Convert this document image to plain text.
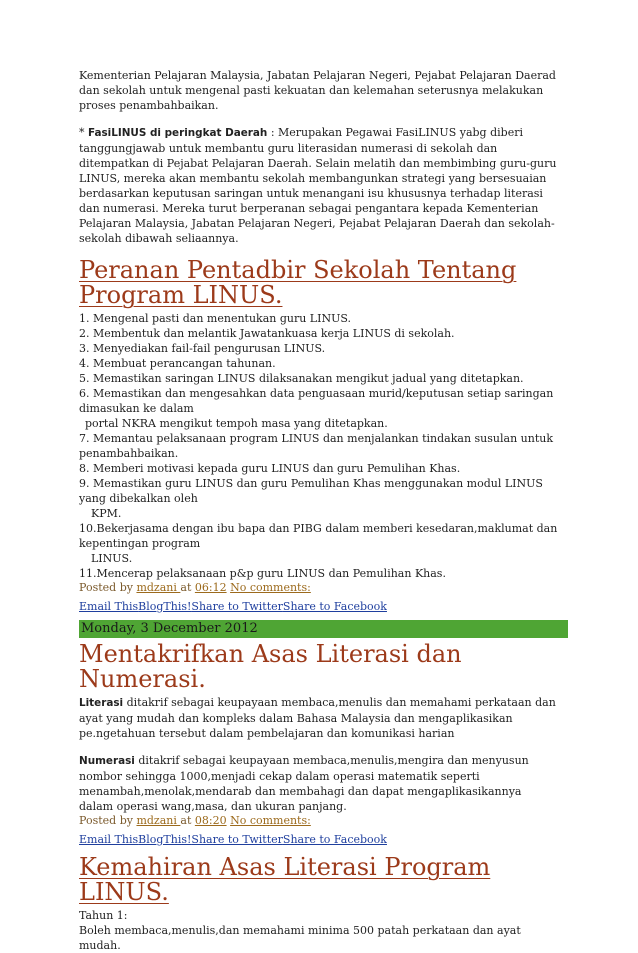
Kementerian Pelajaran Malaysia, Jabatan Pelajaran Negeri, Pejabat Pelajaran Daerad dan sekolah untuk mengenal pasti kekuatan dan kelemahan seterusnya melakukan proses penambahbaikan.

* FasiLINUS di peringkat Daerah : Merupakan Pegawai FasiLINUS yabg diberi tanggungjawab untuk membantu guru literasidan numerasi di sekolah dan ditempatkan di Pejabat Pelajaran Daerah. Selain melatih dan membimbing guru-guru LINUS, mereka akan membantu sekolah membangunkan strategi yang bersesuaian berdasarkan keputusan saringan untuk menangani isu khususnya terhadap literasi dan numerasi. Mereka turut berperanan sebagai pengantara kepada Kementerian Pelajaran Malaysia, Jabatan Pelajaran Negeri, Pejabat Pelajaran Daerah dan sekolah-sekolah dibawah seliaannya.

Peranan Pentadbir Sekolah Tentang Program LINUS.

1. Mengenal pasti dan menentukan guru LINUS.

2. Membentuk dan melantik Jawatankuasa kerja LINUS di sekolah.

3. Menyediakan fail-fail pengurusan LINUS.

4. Membuat perancangan tahunan.

5. Memastikan saringan LINUS dilaksanakan mengikut jadual yang ditetapkan.

6. Memastikan dan mengesahkan data penguasaan murid/keputusan setiap saringan dimasukan ke dalam

portal NKRA mengikut tempoh masa yang ditetapkan.

7. Memantau pelaksanaan program LINUS dan menjalankan tindakan susulan untuk penambahbaikan.

8. Memberi motivasi kepada guru LINUS dan guru Pemulihan Khas.

9. Memastikan guru LINUS dan guru Pemulihan Khas menggunakan modul LINUS yang dibekalkan oleh

KPM.

10.Bekerjasama dengan ibu bapa dan PIBG dalam memberi kesedaran,maklumat dan kepentingan program

LINUS.

11.Mencerap pelaksanaan p&p guru LINUS dan Pemulihan Khas.

Posted by mdzani at 06:12 No comments:
Email ThisBlogThis!Share to TwitterShare to Facebook
Monday, 3 December 2012
Mentakrifkan Asas Literasi dan Numerasi.

Literasi ditakrif sebagai keupayaan membaca,menulis dan memahami perkataan dan ayat yang mudah dan kompleks dalam Bahasa Malaysia dan mengaplikasikan pe.ngetahuan tersebut dalam pembelajaran dan komunikasi harian

Numerasi ditakrif sebagai keupayaan membaca,menulis,mengira dan menyusun nombor sehingga 1000,menjadi cekap dalam operasi matematik seperti menambah,menolak,mendarab dan membahagi dan dapat mengaplikasikannya dalam operasi wang,masa, dan ukuran panjang.

Posted by mdzani at 08:20 No comments:
Email ThisBlogThis!Share to TwitterShare to Facebook
Kemahiran Asas Literasi Program LINUS.

Tahun 1:

Boleh membaca,menulis,dan memahami minima 500 patah perkataan dan ayat mudah.
